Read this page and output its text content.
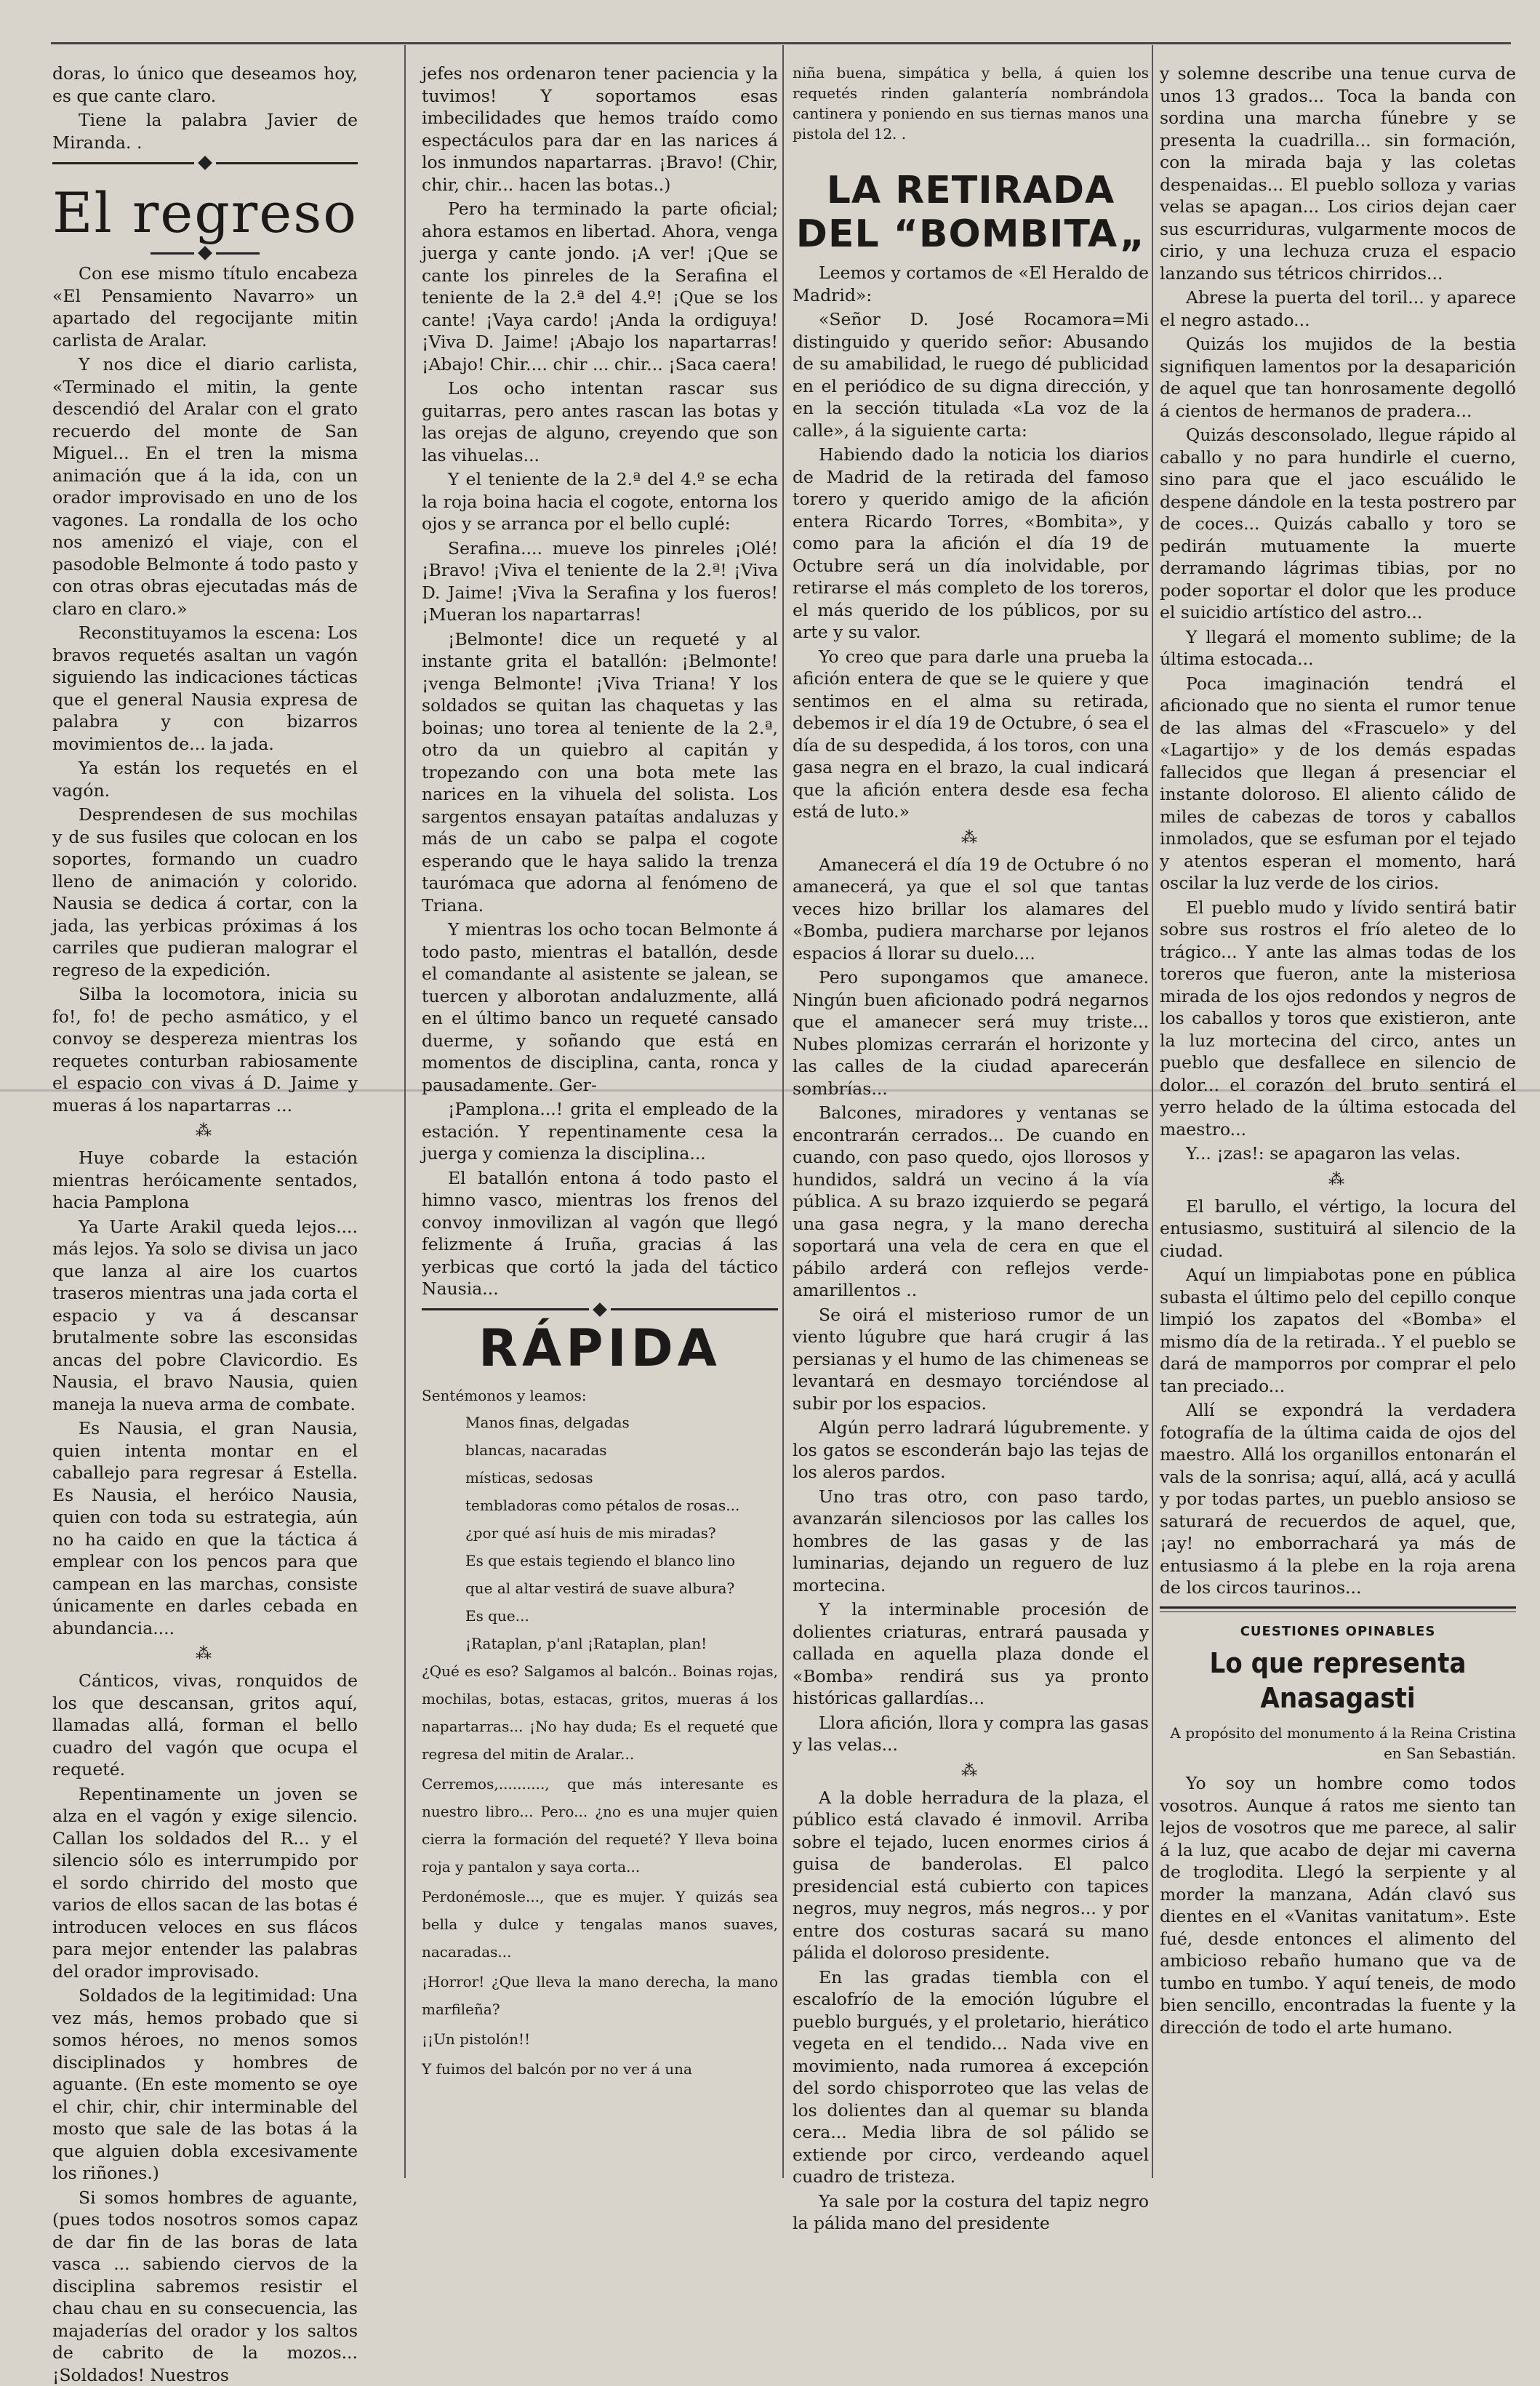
doras, lo único que deseamos hoy, es que cante claro.

Tiene la palabra Javier de Miranda. .

El regreso

Con ese mismo título encabeza «El Pensamiento Navarro» un apartado del regocijante mitin carlista de Aralar.

Y nos dice el diario carlista, «Terminado el mitin, la gente descendió del Aralar con el grato recuerdo del monte de San Miguel... En el tren la misma animación que á la ida, con un orador improvisado en uno de los vagones. La rondalla de los ocho nos amenizó el viaje, con el pasodoble Belmonte á todo pasto y con otras obras ejecutadas más de claro en claro.»

Reconstituyamos la escena: Los bravos requetés asaltan un vagón siguiendo las indicaciones tácticas que el general Nausia expresa de palabra y con bizarros movimientos de... la jada.

Ya están los requetés en el vagón.

Desprendesen de sus mochilas y de sus fusiles que colocan en los soportes, formando un cuadro lleno de animación y colorido. Nausia se dedica á cortar, con la jada, las yerbicas próximas á los carriles que pudieran malograr el regreso de la expedición.

Silba la locomotora, inicia su fo!, fo! de pecho asmático, y el convoy se despereza mientras los requetes conturban rabiosamente el espacio con vivas á D. Jaime y mueras á los napartarras ...

⁂

Huye cobarde la estación mientras heróicamente sentados, hacia Pamplona

Ya Uarte Arakil queda lejos.... más lejos. Ya solo se divisa un jaco que lanza al aire los cuartos traseros mientras una jada corta el espacio y va á descansar brutalmente sobre las esconsidas ancas del pobre Clavicordio. Es Nausia, el bravo Nausia, quien maneja la nueva arma de combate.

Es Nausia, el gran Nausia, quien intenta montar en el caballejo para regresar á Estella. Es Nausia, el heróico Nausia, quien con toda su estrategia, aún no ha caido en que la táctica á emplear con los pencos para que campean en las marchas, consiste únicamente en darles cebada en abundancia....

⁂

Cánticos, vivas, ronquidos de los que descansan, gritos aquí, llamadas allá, forman el bello cuadro del vagón que ocupa el requeté.

Repentinamente un joven se alza en el vagón y exige silencio. Callan los soldados del R... y el silencio sólo es interrumpido por el sordo chirrido del mosto que varios de ellos sacan de las botas é introducen veloces en sus flácos para mejor entender las palabras del orador improvisado.

Soldados de la legitimidad: Una vez más, hemos probado que si somos héroes, no menos somos disciplinados y hombres de aguante. (En este momento se oye el chir, chir, chir interminable del mosto que sale de las botas á la que alguien dobla excesivamente los riñones.)

Si somos hombres de aguante, (pues todos nosotros somos capaz de dar fin de las boras de lata vasca ... sabiendo ciervos de la disciplina sabremos resistir el chau chau en su consecuencia, las majaderías del orador y los saltos de cabrito de la mozos... ¡Soldados! Nuestros

jefes nos ordenaron tener paciencia y la tuvimos! Y soportamos esas imbecilidades que hemos traído como espectáculos para dar en las narices á los inmundos napartarras. ¡Bravo! (Chir, chir, chir... hacen las botas..)

Pero ha terminado la parte oficial; ahora estamos en libertad. Ahora, venga juerga y cante jondo. ¡A ver! ¡Que se cante los pinreles de la Serafina el teniente de la 2.ª del 4.º! ¡Que se los cante! ¡Vaya cardo! ¡Anda la ordiguya! ¡Viva D. Jaime! ¡Abajo los napartarras! ¡Abajo! Chir.... chir ... chir... ¡Saca caera!

Los ocho intentan rascar sus guitarras, pero antes rascan las botas y las orejas de alguno, creyendo que son las vihuelas...

Y el teniente de la 2.ª del 4.º se echa la roja boina hacia el cogote, entorna los ojos y se arranca por el bello cuplé:

Serafina.... mueve los pinreles ¡Olé! ¡Bravo! ¡Viva el teniente de la 2.ª! ¡Viva D. Jaime! ¡Viva la Serafina y los fueros! ¡Mueran los napartarras!

¡Belmonte! dice un requeté y al instante grita el batallón: ¡Belmonte! ¡venga Belmonte! ¡Viva Triana! Y los soldados se quitan las chaquetas y las boinas; uno torea al teniente de la 2.ª, otro da un quiebro al capitán y tropezando con una bota mete las narices en la vihuela del solista. Los sargentos ensayan pataítas andaluzas y más de un cabo se palpa el cogote esperando que le haya salido la trenza taurómaca que adorna al fenómeno de Triana.

Y mientras los ocho tocan Belmonte á todo pasto, mientras el batallón, desde el comandante al asistente se jalean, se tuercen y alborotan andaluzmente, allá en el último banco un requeté cansado duerme, y soñando que está en momentos de disciplina, canta, ronca y pausadamente. Ger-

¡Pamplona...! grita el empleado de la estación. Y repentinamente cesa la juerga y comienza la disciplina...

El batallón entona á todo pasto el himno vasco, mientras los frenos del convoy inmovilizan al vagón que llegó felizmente á Iruña, gracias á las yerbicas que cortó la jada del táctico Nausia...

RÁPIDA

Sentémonos y leamos:

Manos finas, delgadas
blancas, nacaradas
místicas, sedosas
tembladoras como pétalos de rosas...
¿por qué así huis de mis miradas?
Es que estais tegiendo el blanco lino
que al altar vestirá de suave albura?
Es que...
¡Rataplan, p'anl ¡Rataplan, plan!

¿Qué es eso? Salgamos al balcón.. Boinas rojas, mochilas, botas, estacas, gritos, mueras á los napartarras... ¡No hay duda; Es el requeté que regresa del mitin de Aralar...

Cerremos,.........., que más interesante es nuestro libro... Pero... ¿no es una mujer quien cierra la formación del requeté? Y lleva boina roja y pantalon y saya corta...

Perdonémosle..., que es mujer. Y quizás sea bella y dulce y tengalas manos suaves, nacaradas...

¡Horror! ¿Que lleva la mano derecha, la mano marfileña?

¡¡Un pistolón!!

Y fuimos del balcón por no ver á una

niña buena, simpática y bella, á quien los requetés rinden galantería nombrándola cantinera y poniendo en sus tiernas manos una pistola del 12. .

LA RETIRADA DEL “BOMBITA„

Leemos y cortamos de «El Heraldo de Madrid»:

«Señor D. José Rocamora=Mi distinguido y querido señor: Abusando de su amabilidad, le ruego dé publicidad en el periódico de su digna dirección, y en la sección titulada «La voz de la calle», á la siguiente carta:

Habiendo dado la noticia los diarios de Madrid de la retirada del famoso torero y querido amigo de la afición entera Ricardo Torres, «Bombita», y como para la afición el día 19 de Octubre será un día inolvidable, por retirarse el más completo de los toreros, el más querido de los públicos, por su arte y su valor.

Yo creo que para darle una prueba la afición entera de que se le quiere y que sentimos en el alma su retirada, debemos ir el día 19 de Octubre, ó sea el día de su despedida, á los toros, con una gasa negra en el brazo, la cual indicará que la afición entera desde esa fecha está de luto.»

⁂

Amanecerá el día 19 de Octubre ó no amanecerá, ya que el sol que tantas veces hizo brillar los alamares del «Bomba, pudiera marcharse por lejanos espacios á llorar su duelo....

Pero supongamos que amanece. Ningún buen aficionado podrá negarnos que el amanecer será muy triste... Nubes plomizas cerrarán el horizonte y las calles de la ciudad aparecerán sombrías...

Balcones, miradores y ventanas se encontrarán cerrados... De cuando en cuando, con paso quedo, ojos llorosos y hundidos, saldrá un vecino á la vía pública. A su brazo izquierdo se pegará una gasa negra, y la mano derecha soportará una vela de cera en que el pábilo arderá con reflejos verde-amarillentos ..

Se oirá el misterioso rumor de un viento lúgubre que hará crugir á las persianas y el humo de las chimeneas se levantará en desmayo torciéndose al subir por los espacios.

Algún perro ladrará lúgubremente. y los gatos se esconderán bajo las tejas de los aleros pardos.

Uno tras otro, con paso tardo, avanzarán silenciosos por las calles los hombres de las gasas y de las luminarias, dejando un reguero de luz mortecina.

Y la interminable procesión de dolientes criaturas, entrará pausada y callada en aquella plaza donde el «Bomba» rendirá sus ya pronto históricas gallardías...

Llora afición, llora y compra las gasas y las velas...

⁂

A la doble herradura de la plaza, el público está clavado é inmovil. Arriba sobre el tejado, lucen enormes cirios á guisa de banderolas. El palco presidencial está cubierto con tapices negros, muy negros, más negros... y por entre dos costuras sacará su mano pálida el doloroso presidente.

En las gradas tiembla con el escalofrío de la emoción lúgubre el pueblo burgués, y el proletario, hierático vegeta en el tendido... Nada vive en movimiento, nada rumorea á excepción del sordo chisporroteo que las velas de los dolientes dan al quemar su blanda cera... Media libra de sol pálido se extiende por circo, verdeando aquel cuadro de tristeza.

Ya sale por la costura del tapiz negro la pálida mano del presidente

y solemne describe una tenue curva de unos 13 grados... Toca la banda con sordina una marcha fúnebre y se presenta la cuadrilla... sin formación, con la mirada baja y las coletas despenaidas... El pueblo solloza y varias velas se apagan... Los cirios dejan caer sus escurriduras, vulgarmente mocos de cirio, y una lechuza cruza el espacio lanzando sus tétricos chirridos...

Abrese la puerta del toril... y aparece el negro astado...

Quizás los mujidos de la bestia signifiquen lamentos por la desaparición de aquel que tan honrosamente degolló á cientos de hermanos de pradera...

Quizás desconsolado, llegue rápido al caballo y no para hundirle el cuerno, sino para que el jaco escuálido le despene dándole en la testa postrero par de coces... Quizás caballo y toro se pedirán mutuamente la muerte derramando lágrimas tibias, por no poder soportar el dolor que les produce el suicidio artístico del astro...

Y llegará el momento sublime; de la última estocada...

Poca imaginación tendrá el aficionado que no sienta el rumor tenue de las almas del «Frascuelo» y del «Lagartijo» y de los demás espadas fallecidos que llegan á presenciar el instante doloroso. El aliento cálido de miles de cabezas de toros y caballos inmolados, que se esfuman por el tejado y atentos esperan el momento, hará oscilar la luz verde de los cirios.

El pueblo mudo y lívido sentirá batir sobre sus rostros el frío aleteo de lo trágico... Y ante las almas todas de los toreros que fueron, ante la misteriosa mirada de los ojos redondos y negros de los caballos y toros que existieron, ante la luz mortecina del circo, antes un pueblo que desfallece en silencio de dolor... el corazón del bruto sentirá el yerro helado de la última estocada del maestro...

Y... ¡zas!: se apagaron las velas.

⁂

El barullo, el vértigo, la locura del entusiasmo, sustituirá al silencio de la ciudad.

Aquí un limpiabotas pone en pública subasta el último pelo del cepillo conque limpió los zapatos del «Bomba» el mismo día de la retirada.. Y el pueblo se dará de mamporros por comprar el pelo tan preciado...

Allí se expondrá la verdadera fotografía de la última caida de ojos del maestro. Allá los organillos entonarán el vals de la sonrisa; aquí, allá, acá y acullá y por todas partes, un pueblo ansioso se saturará de recuerdos de aquel, que, ¡ay! no emborrachará ya más de entusiasmo á la plebe en la roja arena de los circos taurinos...

CUESTIONES OPINABLES
Lo que representa Anasagasti
A propósito del monumento á la Reina Cristina en San Sebastián.

Yo soy un hombre como todos vosotros. Aunque á ratos me siento tan lejos de vosotros que me parece, al salir á la luz, que acabo de dejar mi caverna de troglodita. Llegó la serpiente y al morder la manzana, Adán clavó sus dientes en el «Vanitas vanitatum». Este fué, desde entonces el alimento del ambicioso rebaño humano que va de tumbo en tumbo. Y aquí teneis, de modo bien sencillo, encontradas la fuente y la dirección de todo el arte humano.
